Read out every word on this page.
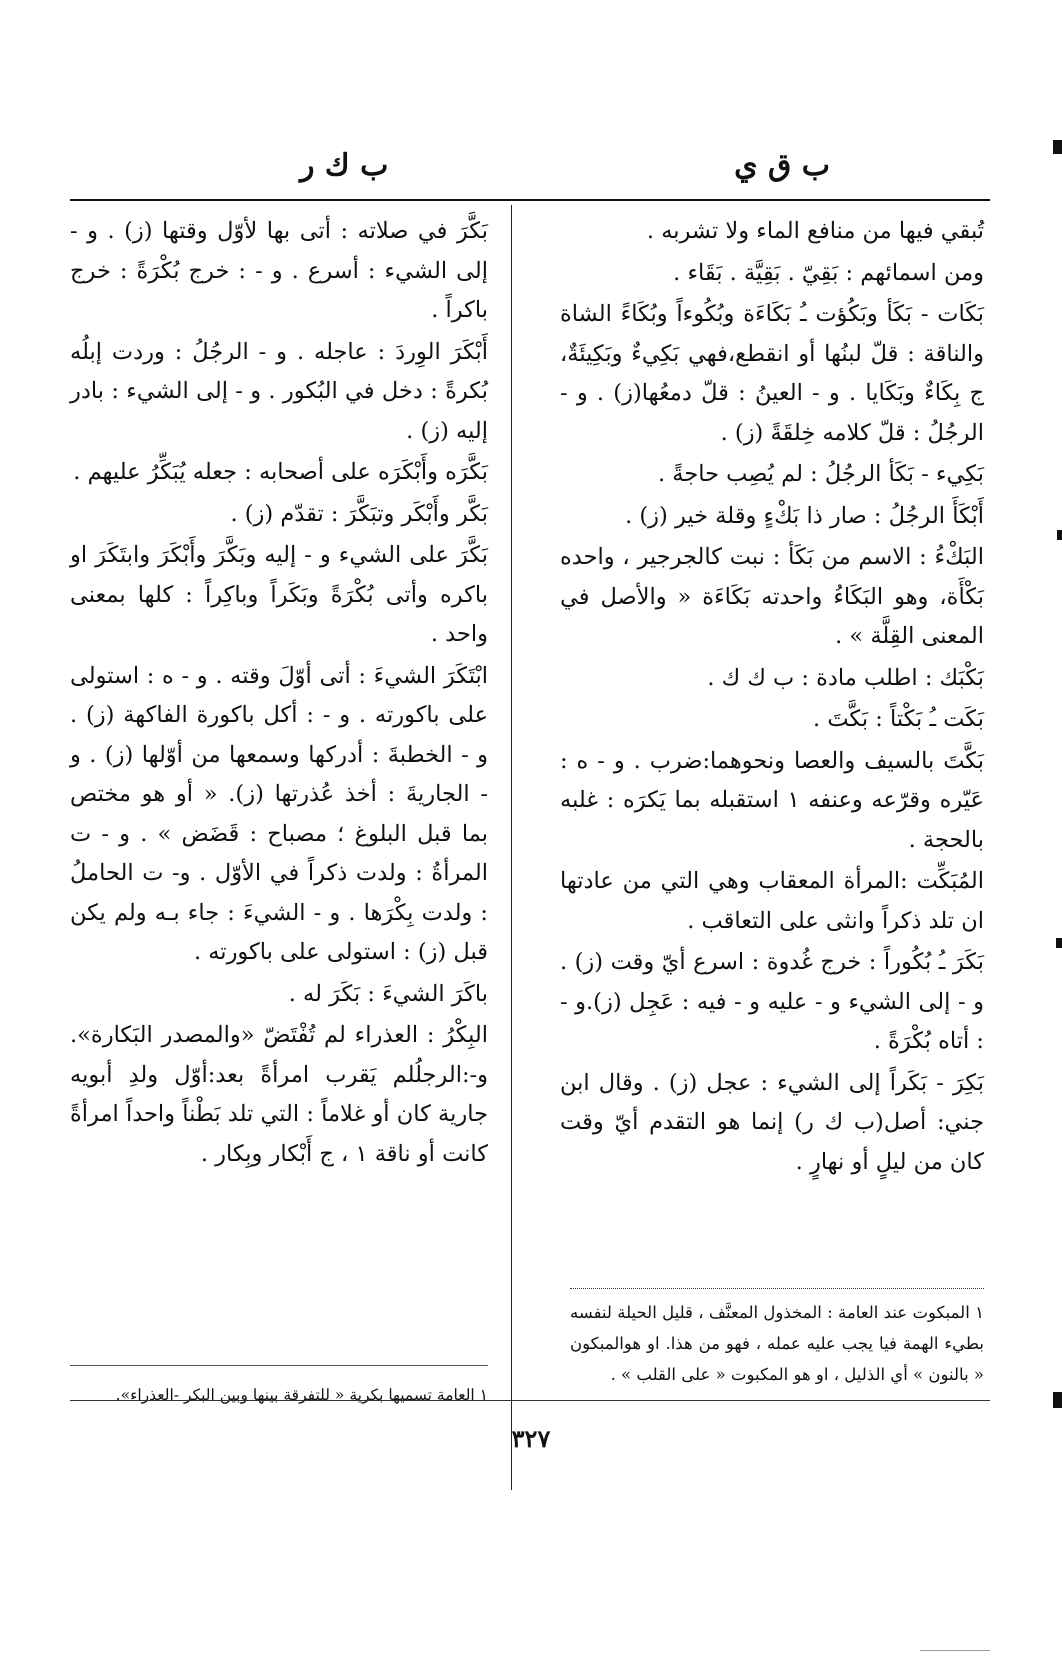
ب ق ي
ب ك ر

تُبقي فيها من منافع الماء ولا تشربه .

ومن اسمائهم : بَقِيّ . بَقِيَّة . بَقَاء .

بَكَات - بَكَأ وبَكُؤت ـُ بَكَاءَة وبُكُوءاً وبُكَاءً الشاة والناقة : قلّ لبنُها أو انقطع،فهي بَكِيءٌ وبَكِيئَةٌ، ج بِكَاءٌ وبَكَايا . و - العينُ : قلّ دمعُها(ز) . و - الرجُلُ : قلّ كلامه خِلقَةً (ز) .

بَكِيء - بَكَأ الرجُلُ : لم يُصِب حاجةً .

أَبْكَأَ الرجُلُ : صار ذا بَكْءٍ وقلة خير (ز) .

البَكْءُ : الاسم من بَكَأ : نبت كالجرجير ، واحده بَكْأَة، وهو البَكَاءُ واحدته بَكَاءَة « والأصل في المعنى القِلَّة » .

بَكْبَك : اطلب مادة : ب ك ك .

بَكَت ـُ بَكْتاً : بَكَّتَ .

بَكَّتَ بالسيف والعصا ونحوهما:ضرب . و - ه : عَيّره وقرّعه وعنفه ١ استقبله بما يَكرَه : غلبه بالحجة .

المُبَكِّت :المرأة المعقاب وهي التي من عادتها ان تلد ذكراً وانثى على التعاقب .

بَكَرَ ـُ بُكُوراً : خرج غُدوة : اسرع أيّ وقت (ز) . و - إلى الشيء و - عليه و - فيه : عَجِل (ز).و - : أتاه بُكْرَةً .

بَكِرَ - بَكَراً إلى الشيء : عجل (ز) . وقال ابن جني: أصل(ب ك ر) إنما هو التقدم أيّ وقت كان من ليلٍ أو نهارٍ .

بَكَّرَ في صلاته : أتى بها لأوّل وقتها (ز) . و - إلى الشيء : أسرع . و - : خرج بُكْرَةً : خرج باكراً .

أَبْكَرَ الوِردَ : عاجله . و - الرجُلُ : وردت إبلُه بُكرةً : دخل في البُكور . و - إلى الشيء : بادر إليه (ز) .

بَكَّرَه وأَبْكَرَه على أصحابه : جعله يُبَكِّرُ عليهم .

بَكَّر وأَبْكَر وتبَكَّرَ : تقدّم (ز) .

بَكَّرَ على الشيء و - إليه وبَكَّرَ وأَبْكَرَ وابتَكَرَ او باكره وأتى بُكْرَةً وبَكَراً وباكِراً : كلها بمعنى واحد .

ابْتَكَرَ الشيءَ : أتى أوّلَ وقته . و - ه : استولى على باكورته . و - : أكل باكورة الفاكهة (ز) . و - الخطبةَ : أدركها وسمعها من أوّلها (ز) . و - الجاريةَ : أخذ عُذرتها (ز). « أو هو مختص بما قبل البلوغ ؛ مصباح : قَضَض » . و - ت المرأةُ : ولدت ذكراً في الأوّل . و- ت الحاملُ : ولدت بِكْرَها . و - الشيءَ : جاء بـه ولم يكن قبل (ز) : استولى على باكورته .

باكَرَ الشيءَ : بَكَرَ له .

البِكْرُ : العذراء لم تُفْتَضّ «والمصدر البَكارة». و-:الرجلُلم يَقرب امرأةً بعد:أوّل ولدِ أبويه جارية كان أو غلاماً : التي تلد بَطْناً واحداً امرأةً كانت أو ناقة ١ ، ج أَبْكار وبِكار .

١ المبكوت عند العامة : المخذول المعنَّف ، قليل الحيلة لنفسه بطيء الهمة فيا يجب عليه عمله ، فهو من هذا. او هوالمبكون « بالنون » أي الذليل ، او هو المكبوت « على القلب » .
١ العامة تسميها بكرية « للتفرقة بينها وبين البكر -العذراء».
٣٢٧
